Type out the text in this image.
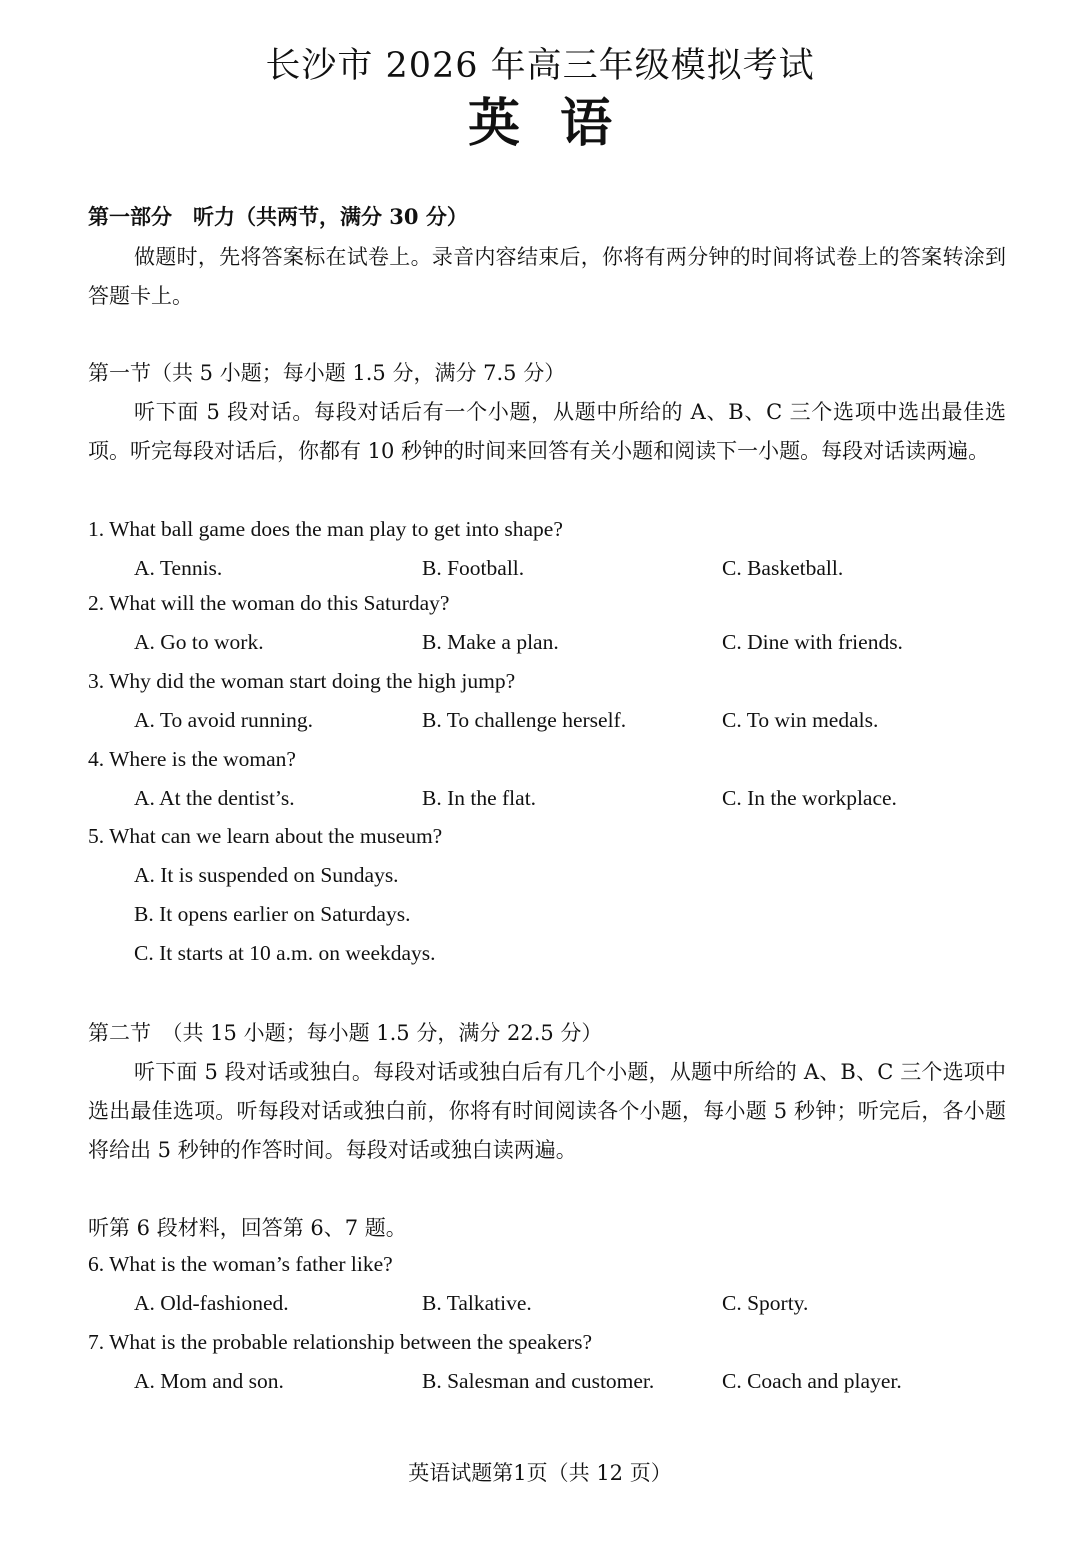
长沙市 2026 年高三年级模拟考试
英语
第一部分　听力（共两节，满分 30 分）
做题时，先将答案标在试卷上。录音内容结束后，你将有两分钟的时间将试卷上的答案转涂到答题卡上。
第一节（共 5 小题；每小题 1.5 分，满分 7.5 分）
听下面 5 段对话。每段对话后有一个小题，从题中所给的 A、B、C 三个选项中选出最佳选项。听完每段对话后，你都有 10 秒钟的时间来回答有关小题和阅读下一小题。每段对话读两遍。
1. What ball game does the man play to get into shape?
A. Tennis.	B. Football.	C. Basketball.
2. What will the woman do this Saturday?
A. Go to work.	B. Make a plan.	C. Dine with friends.
3. Why did the woman start doing the high jump?
A. To avoid running.	B. To challenge herself.	C. To win medals.
4. Where is the woman?
A. At the dentist’s.	B. In the flat.	C. In the workplace.
5. What can we learn about the museum?
A. It is suspended on Sundays.
B. It opens earlier on Saturdays.
C. It starts at 10 a.m. on weekdays.
第二节　（共 15 小题；每小题 1.5 分，满分 22.5 分）
听下面 5 段对话或独白。每段对话或独白后有几个小题，从题中所给的 A、B、C 三个选项中选出最佳选项。听每段对话或独白前，你将有时间阅读各个小题，每小题 5 秒钟；听完后，各小题将给出 5 秒钟的作答时间。每段对话或独白读两遍。
听第 6 段材料，回答第 6、7 题。
6. What is the woman’s father like?
A. Old-fashioned.	B. Talkative.	C. Sporty.
7. What is the probable relationship between the speakers?
A. Mom and son.	B. Salesman and customer.	C. Coach and player.
英语试题第1页（共 12 页）
